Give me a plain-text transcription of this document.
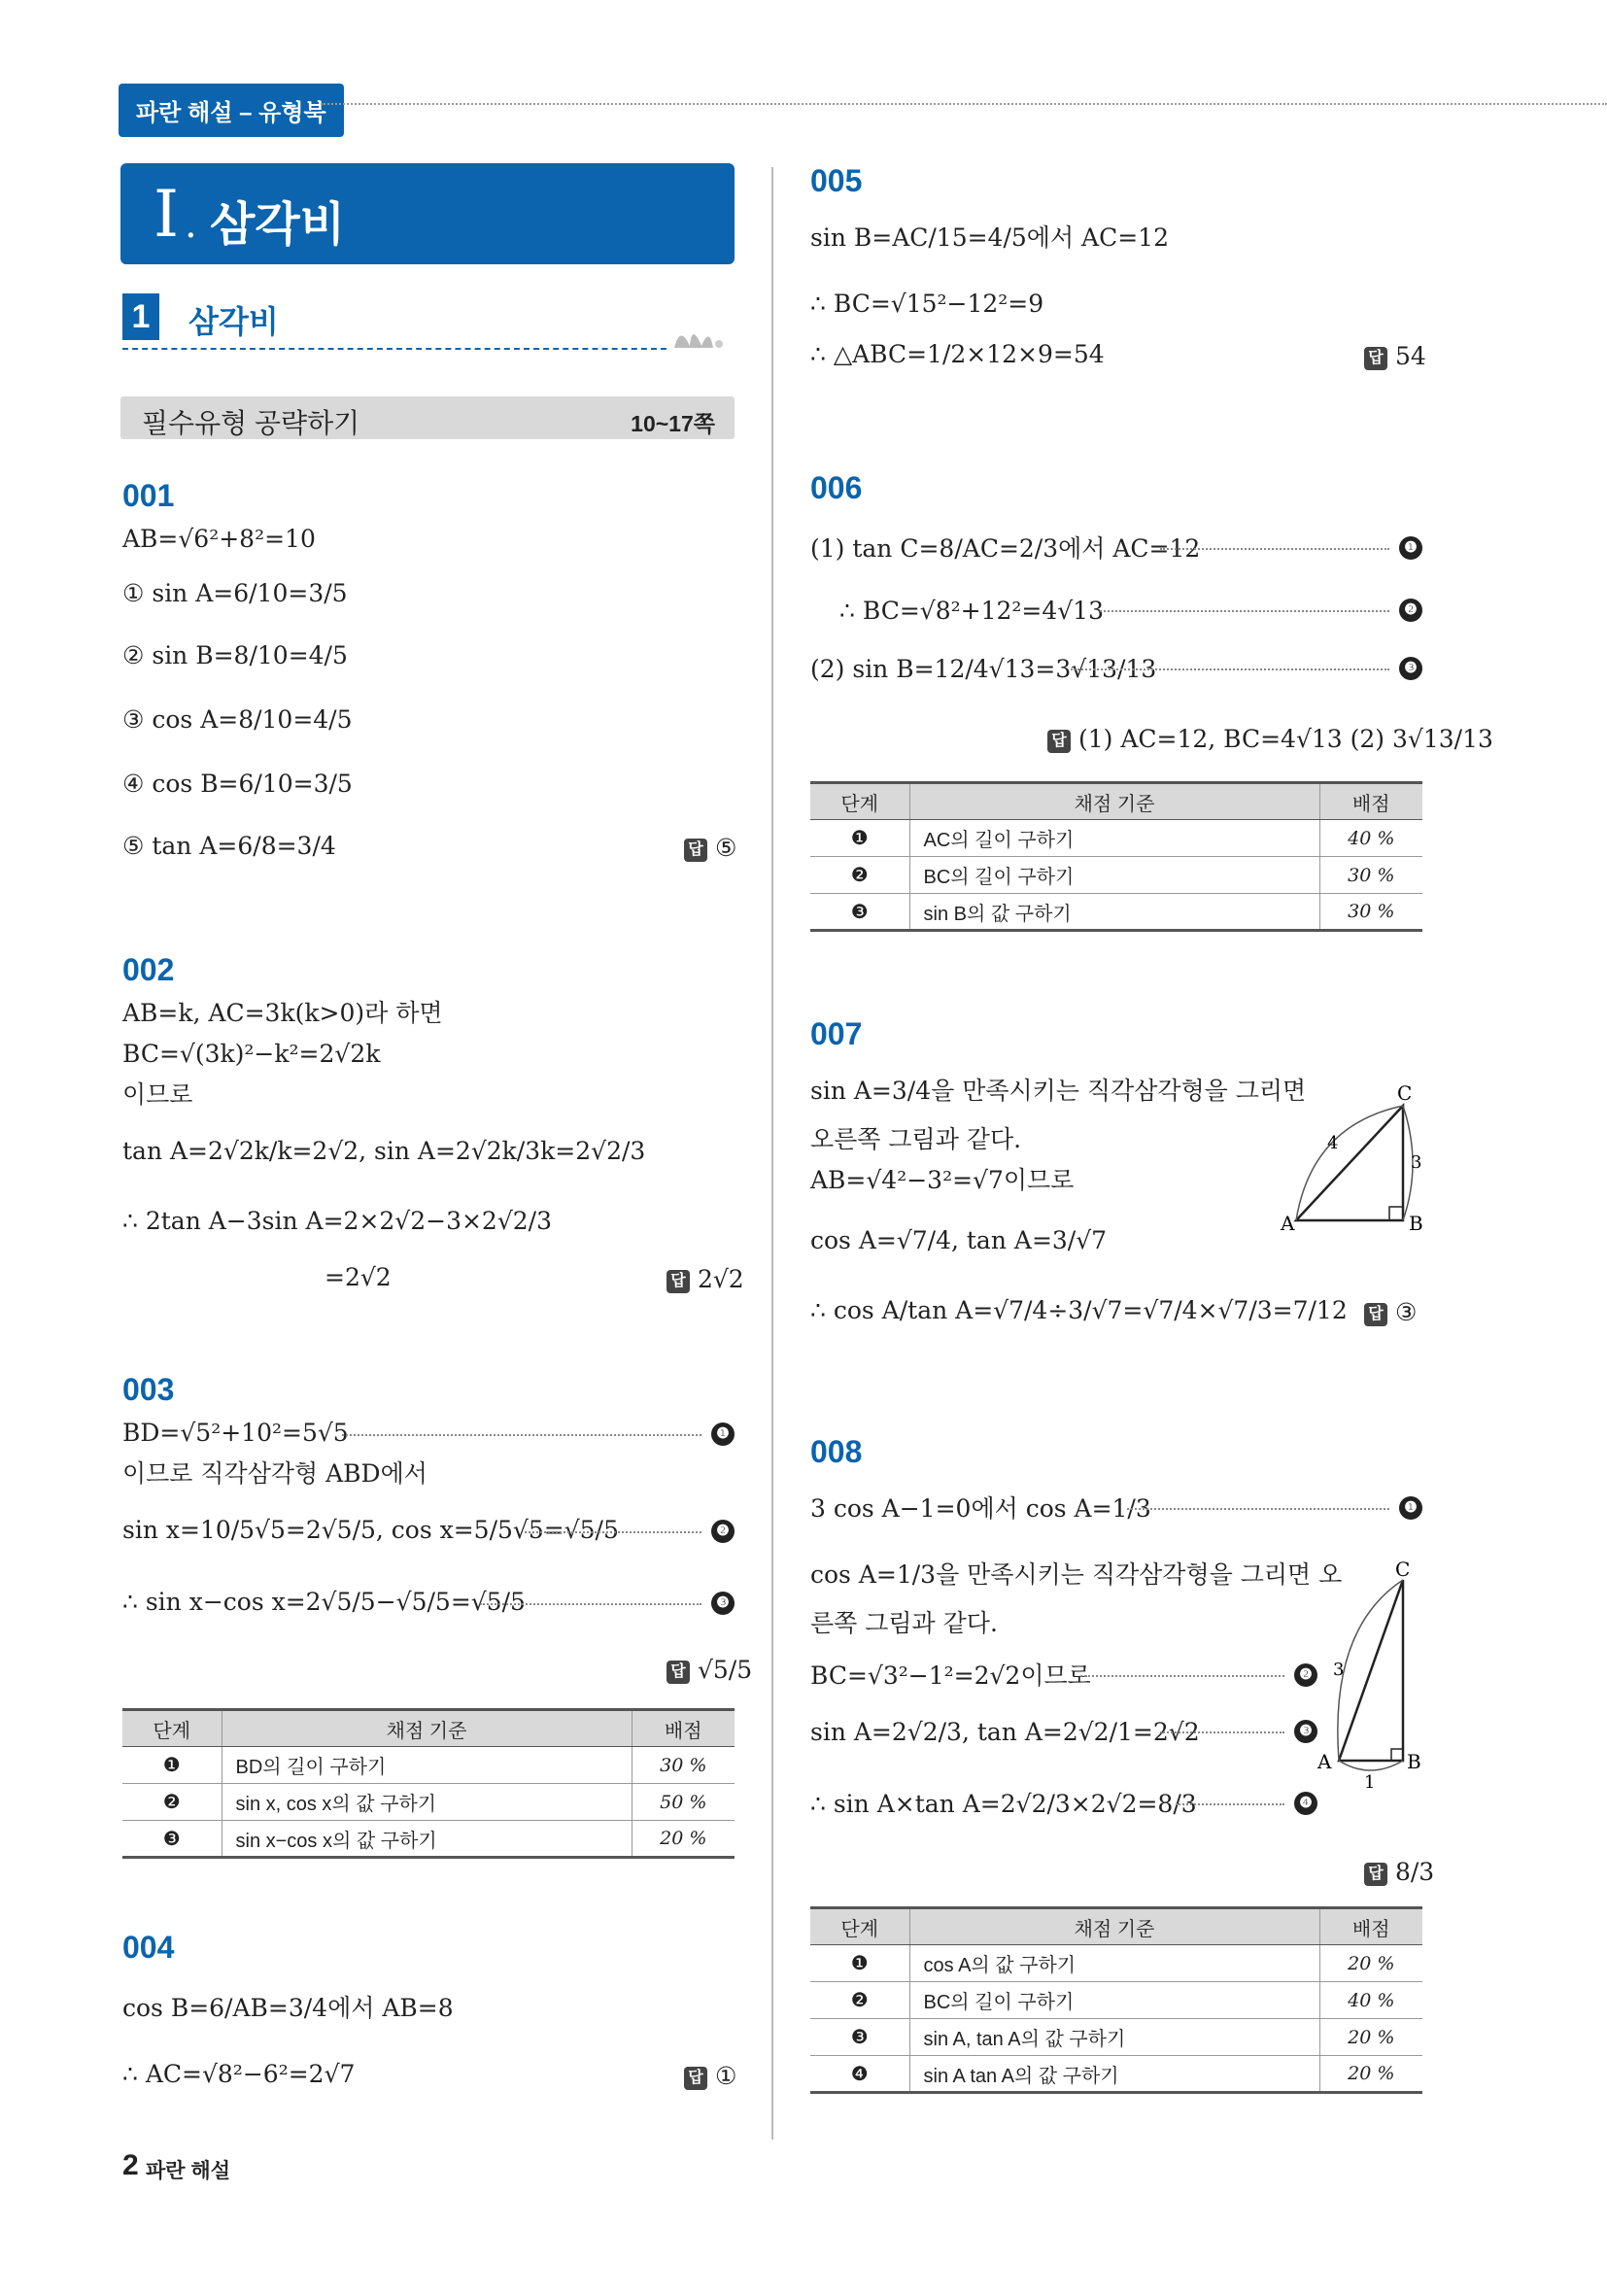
파란 해설 – 유형북
I . 삼각비
1 삼각비
필수유형 공략하기	10~17쪽
001
AB=√6²+8²=10
① sin A=6/10=3/5
② sin B=8/10=4/5
③ cos A=8/10=4/5
④ cos B=6/10=3/5
⑤ tan A=6/8=3/4	답 ⑤
002
AB=k, AC=3k(k>0)라 하면
BC=√(3k)²−k²=2√2k
이므로
tan A=2√2k/k=2√2, sin A=2√2k/3k=2√2/3
∴ 2tan A−3sin A=2×2√2−3×2√2/3
=2√2	답 2√2
003
BD=√5²+10²=5√5	❶
이므로 직각삼각형 ABD에서
sin x=10/5√5=2√5/5, cos x=5/5√5=√5/5	❷
∴ sin x−cos x=2√5/5−√5/5=√5/5	❸
답 √5/5
단계	채점 기준	배점
❶	BD의 길이 구하기	30 %
❷	sin x, cos x의 값 구하기	50 %
❸	sin x−cos x의 값 구하기	20 %
004
cos B=6/AB=3/4에서 AB=8
∴ AC=√8²−6²=2√7	답 ①
005
sin B=AC/15=4/5에서 AC=12
∴ BC=√15²−12²=9
∴ △ABC=1/2×12×9=54	답 54
006
(1) tan C=8/AC=2/3에서 AC=12	❶
∴ BC=√8²+12²=4√13	❷
(2) sin B=12/4√13=3√13/13	❸
답 (1) AC=12, BC=4√13 (2) 3√13/13
단계	채점 기준	배점
❶	AC의 길이 구하기	40 %
❷	BC의 길이 구하기	30 %
❸	sin B의 값 구하기	30 %
007
sin A=3/4을 만족시키는 직각삼각형을 그리면
오른쪽 그림과 같다.
AB=√4²−3²=√7이므로
cos A=√7/4, tan A=3/√7
∴ cos A/tan A=√7/4÷3/√7=√7/4×√7/3=7/12 답 ③
A	B
C
4
3
008
3 cos A−1=0에서 cos A=1/3	❶
cos A=1/3을 만족시키는 직각삼각형을 그리면 오
른쪽 그림과 같다.
BC=√3²−1²=2√2이므로	❷
sin A=2√2/3, tan A=2√2/1=2√2	❸
∴ sin A×tan A=2√2/3×2√2=8/3	❹
답 8/3
A	B
C
3
1
단계	채점 기준	배점
❶	cos A의 값 구하기	20 %
❷	BC의 길이 구하기	40 %
❸	sin A, tan A의 값 구하기	20 %
❹	sin A tan A의 값 구하기	20 %
2 파란 해설
